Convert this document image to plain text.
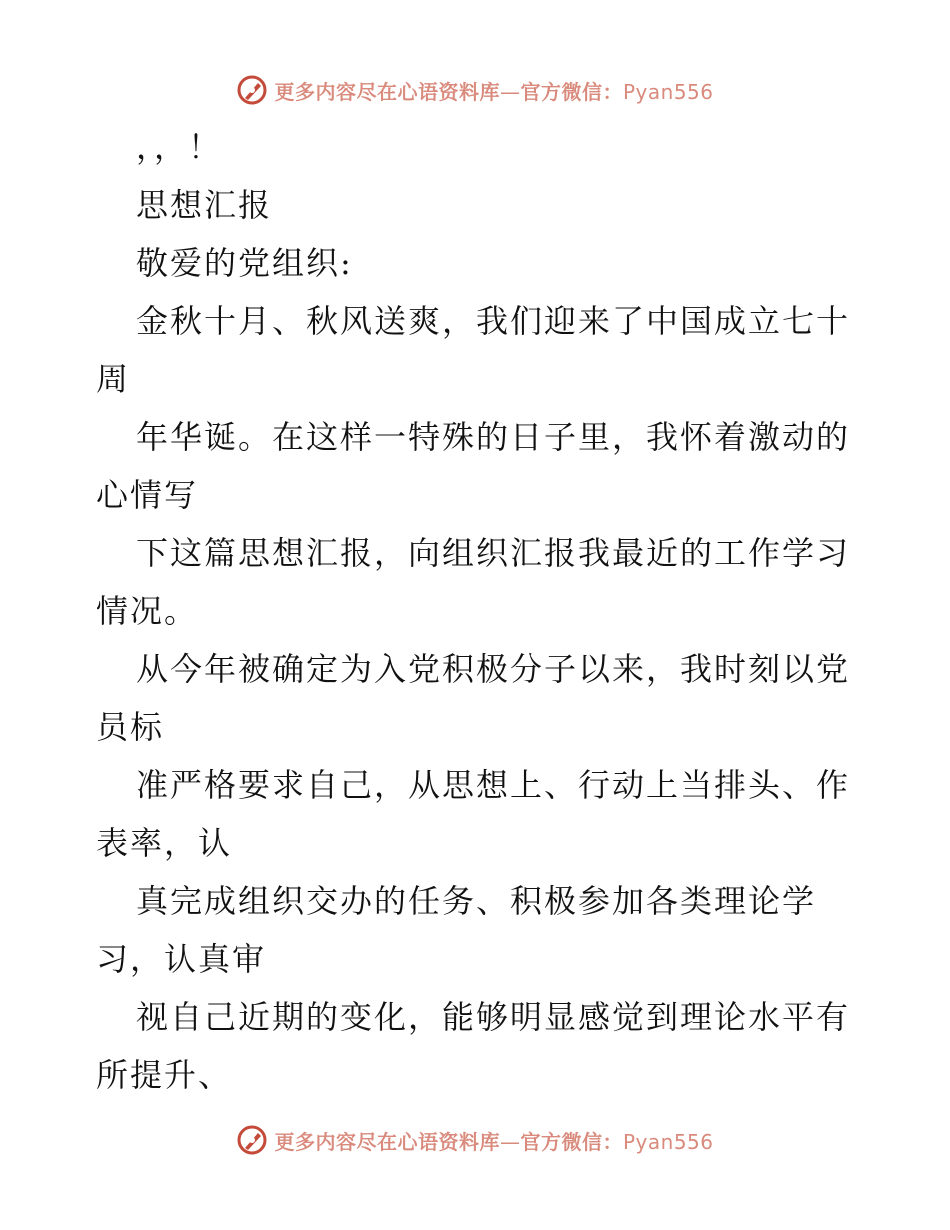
更多内容尽在心语资料库—官方微信：Pyan556
，，！
思想汇报
敬爱的党组织:
金秋十月、秋风送爽，我们迎来了中国成立七十
周
年华诞。在这样一特殊的日子里，我怀着激动的
心情写
下这篇思想汇报，向组织汇报我最近的工作学习
情况。
从今年被确定为入党积极分子以来，我时刻以党
员标
准严格要求自己，从思想上、行动上当排头、作
表率，认
真完成组织交办的任务、积极参加各类理论学
习，认真审
视自己近期的变化，能够明显感觉到理论水平有
所提升、
更多内容尽在心语资料库—官方微信：Pyan556
